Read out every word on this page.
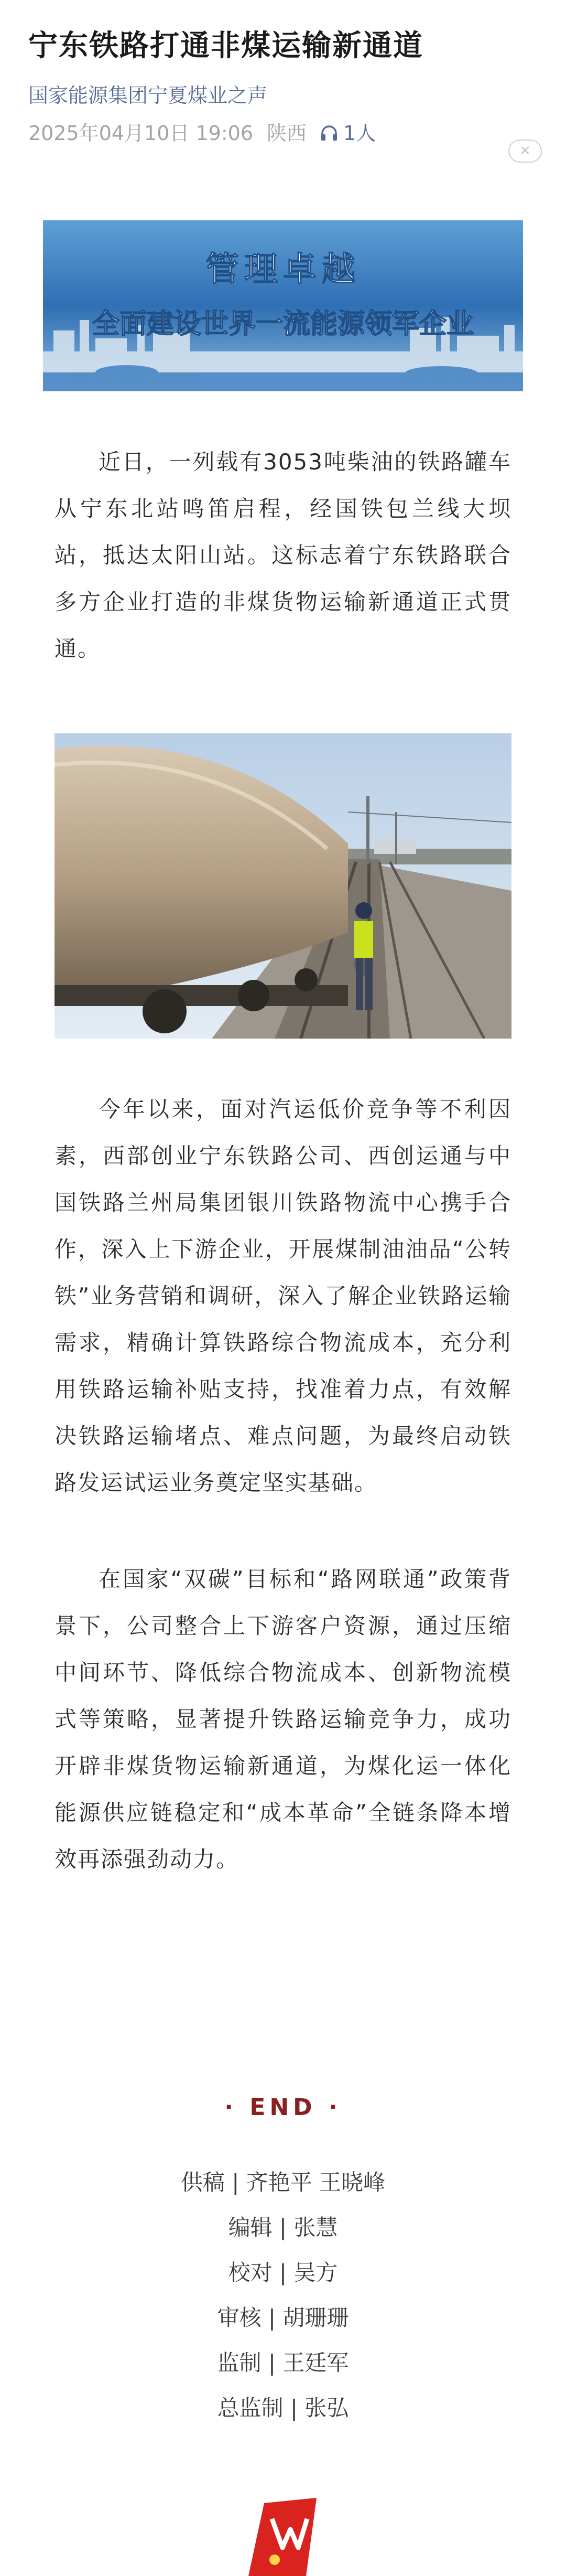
宁东铁路打通非煤运输新通道
国家能源集团宁夏煤业之声
2025年04月10日 19:06 陕西 1人
✕
管理卓越
全面建设世界一流能源领军企业

近日，一列载有3053吨柴油的铁路罐车从宁东北站鸣笛启程，经国铁包兰线大坝站，抵达太阳山站。这标志着宁东铁路联合多方企业打造的非煤货物运输新通道正式贯通。

今年以来，面对汽运低价竞争等不利因素，西部创业宁东铁路公司、西创运通与中国铁路兰州局集团银川铁路物流中心携手合作，深入上下游企业，开展煤制油油品“公转铁”业务营销和调研，深入了解企业铁路运输需求，精确计算铁路综合物流成本，充分利用铁路运输补贴支持，找准着力点，有效解决铁路运输堵点、难点问题，为最终启动铁路发运试运业务奠定坚实基础。

在国家“双碳”目标和“路网联通”政策背景下，公司整合上下游客户资源，通过压缩中间环节、降低综合物流成本、创新物流模式等策略，显著提升铁路运输竞争力，成功开辟非煤货物运输新通道，为煤化运一体化能源供应链稳定和“成本革命”全链条降本增效再添强劲动力。

· END ·
供稿 | 齐艳平 王晓峰
编辑 | 张慧
校对 | 吴方
审核 | 胡珊珊
监制 | 王廷军
总监制 | 张弘
